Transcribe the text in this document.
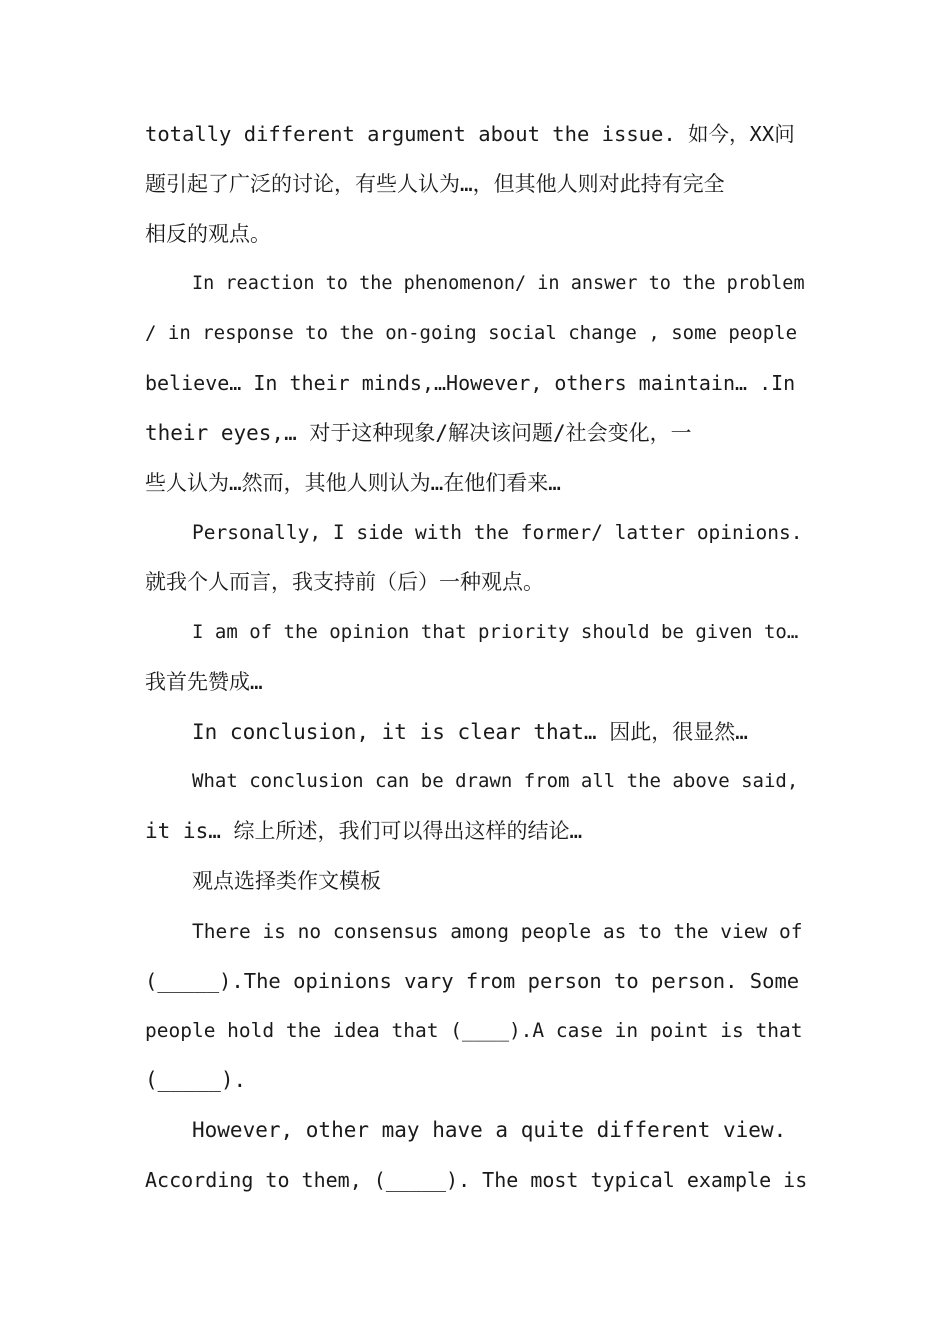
totally different argument about the issue. 如今，XX问
题引起了广泛的讨论，有些人认为…，但其他人则对此持有完全
相反的观点。

In reaction to the phenomenon/ in answer to the problem
/ in response to the on-going social change , some people
believe… In their minds,…However, others maintain… .In
their eyes,… 对于这种现象/解决该问题/社会变化，一
些人认为…然而，其他人则认为…在他们看来…

Personally, I side with the former/ latter opinions.
就我个人而言，我支持前（后）一种观点。

I am of the opinion that priority should be given to…
我首先赞成…

In conclusion, it is clear that… 因此，很显然…

What conclusion can be drawn from all the above said,
it is… 综上所述，我们可以得出这样的结论…

观点选择类作文模板

There is no consensus among people as to the view of
(_____).The opinions vary from person to person. Some
people hold the idea that (____).A case in point is that
(_____).

However, other may have a quite different view.
According to them, (_____). The most typical example is
